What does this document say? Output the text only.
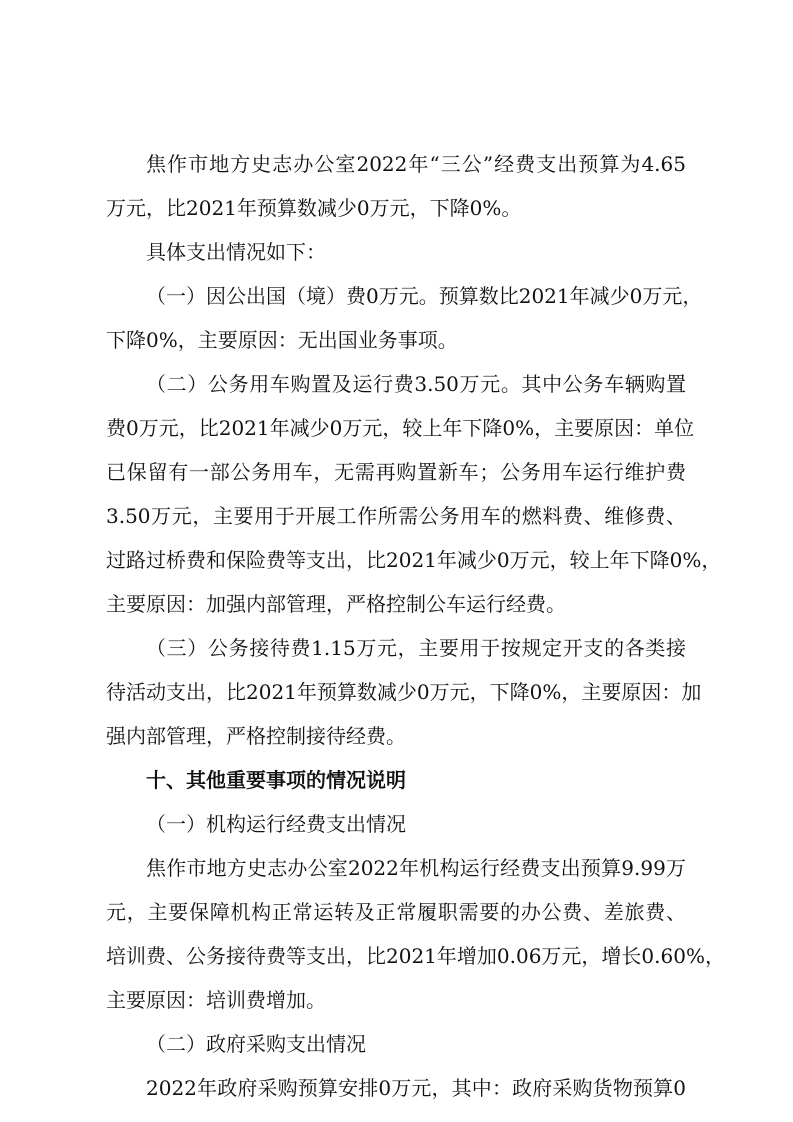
焦作市地方史志办公室2022年“三公”经费支出预算为4.65
万元，比2021年预算数减少0万元，下降0%。
具体支出情况如下：
（一）因公出国（境）费0万元。预算数比2021年减少0万元，
下降0%，主要原因：无出国业务事项。
（二）公务用车购置及运行费3.50万元。其中公务车辆购置
费0万元，比2021年减少0万元，较上年下降0%，主要原因：单位
已保留有一部公务用车，无需再购置新车；公务用车运行维护费
3.50万元，主要用于开展工作所需公务用车的燃料费、维修费、
过路过桥费和保险费等支出，比2021年减少0万元，较上年下降0%，
主要原因：加强内部管理，严格控制公车运行经费。
（三）公务接待费1.15万元，主要用于按规定开支的各类接
待活动支出，比2021年预算数减少0万元，下降0%，主要原因：加
强内部管理，严格控制接待经费。
十、其他重要事项的情况说明
（一）机构运行经费支出情况
焦作市地方史志办公室2022年机构运行经费支出预算9.99万
元，主要保障机构正常运转及正常履职需要的办公费、差旅费、
培训费、公务接待费等支出，比2021年增加0.06万元，增长0.60%，
主要原因：培训费增加。
（二）政府采购支出情况
2022年政府采购预算安排0万元，其中：政府采购货物预算0
